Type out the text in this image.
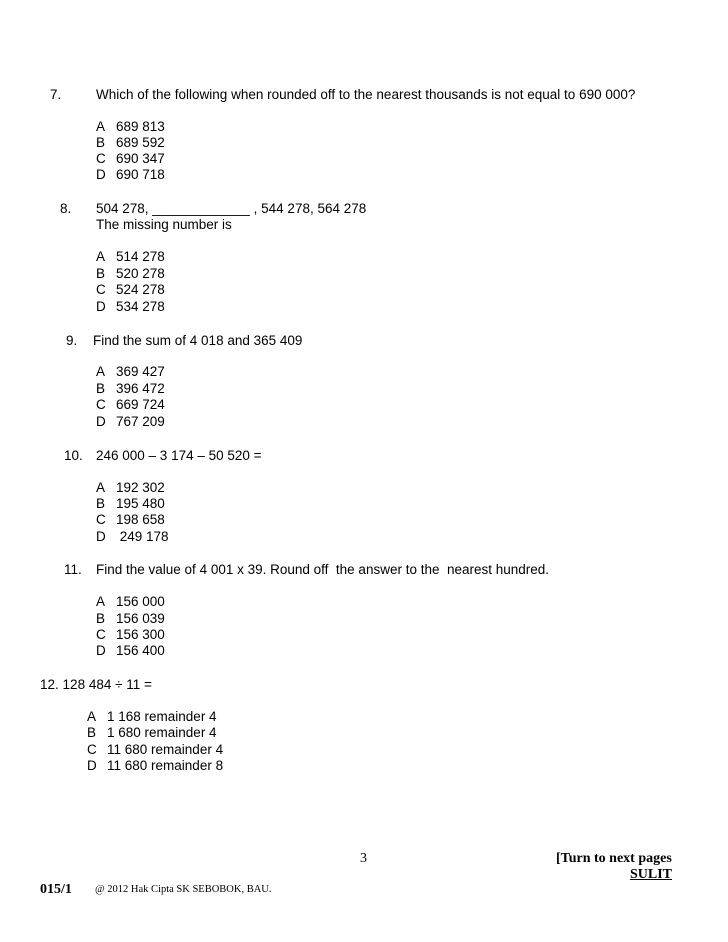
7.	Which of the following when rounded off to the nearest thousands is not equal to 690 000?
A 689 813
B 689 592
C 690 347
D 690 718
8. 504 278, _____________ , 544 278, 564 278
The missing number is
A 514 278
B 520 278
C 524 278
D 534 278
9. Find the sum of 4 018 and 365 409
A 369 427
B 396 472
C 669 724
D 767 209
10. 246 000 – 3 174 – 50 520 =
A 192 302
B 195 480
C 198 658
D 249 178
11. Find the value of 4 001 x 39. Round off  the answer to the  nearest hundred.
A 156 000
B 156 039
C 156 300
D 156 400
12. 128 484 ÷ 11 =
A 1 168 remainder 4
B 1 680 remainder 4
C 11 680 remainder 4
D 11 680 remainder 8
3	[Turn to next pages
SULIT
015/1 @ 2012 Hak Cipta SK SEBOBOK, BAU.
